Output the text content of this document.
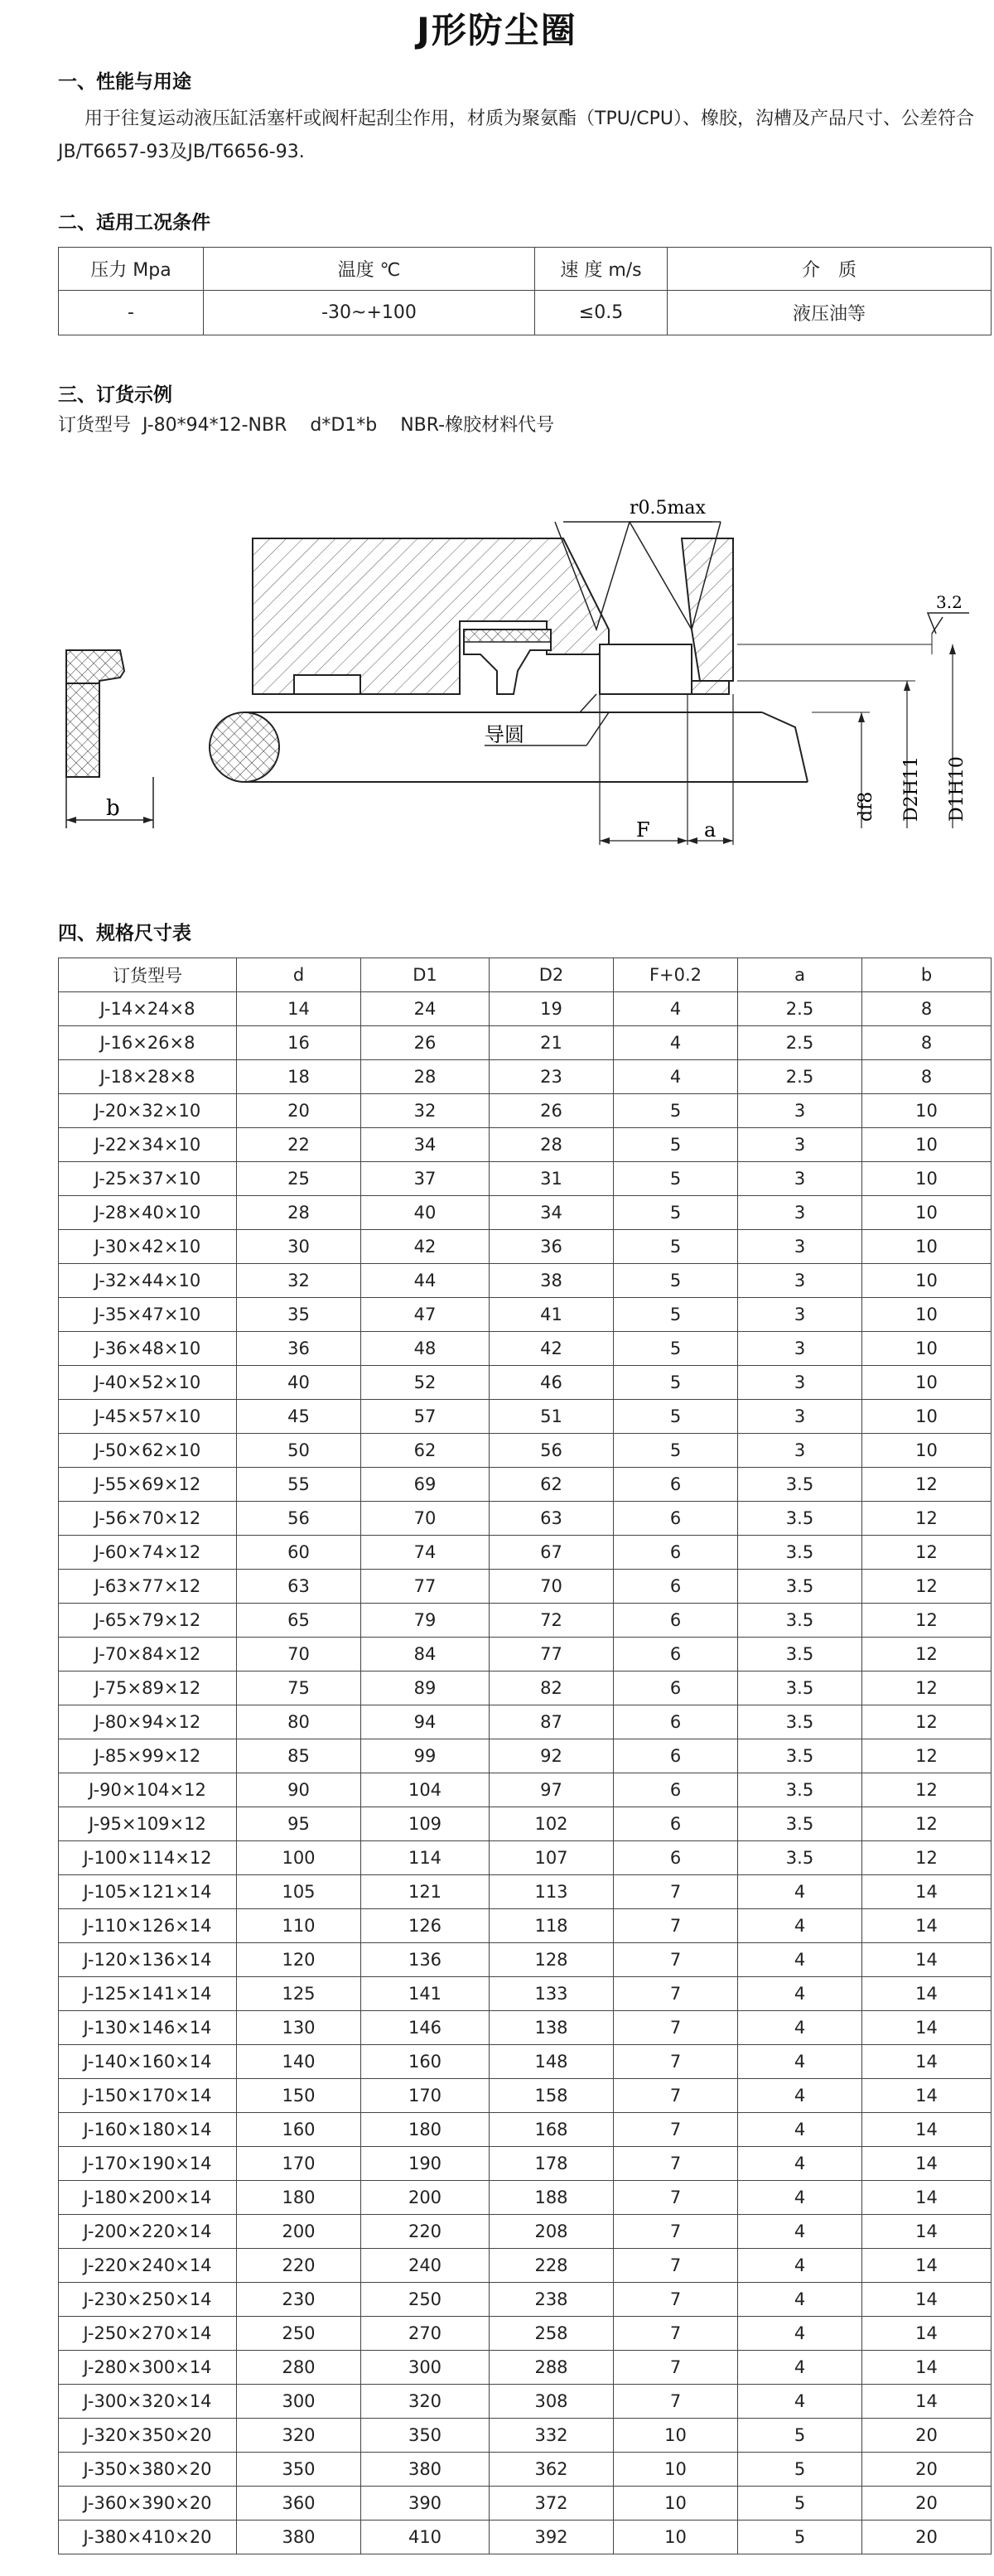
J形防尘圈
一、性能与用途
用于往复运动液压缸活塞杆或阀杆起刮尘作用，材质为聚氨酯（TPU/CPU）、橡胶，沟槽及产品尺寸、公差符合JB/T6657-93及JB/T6656-93.
二、适用工况条件
压力 Mpa	温度 ℃	速 度 m/s	介　质
-	-30~+100	≤0.5	液压油等
三、订货示例
订货型号  J-80*94*12-NBR    d*D1*b    NBR-橡胶材料代号
b
r0.5max
3.2
导圆
df8 D2H11 D1H10
F	a
四、规格尺寸表
订货型号	d	D1	D2	F+0.2	a	b
J-14×24×8	14	24	19	4	2.5	8
J-16×26×8	16	26	21	4	2.5	8
J-18×28×8	18	28	23	4	2.5	8
J-20×32×10	20	32	26	5	3	10
J-22×34×10	22	34	28	5	3	10
J-25×37×10	25	37	31	5	3	10
J-28×40×10	28	40	34	5	3	10
J-30×42×10	30	42	36	5	3	10
J-32×44×10	32	44	38	5	3	10
J-35×47×10	35	47	41	5	3	10
J-36×48×10	36	48	42	5	3	10
J-40×52×10	40	52	46	5	3	10
J-45×57×10	45	57	51	5	3	10
J-50×62×10	50	62	56	5	3	10
J-55×69×12	55	69	62	6	3.5	12
J-56×70×12	56	70	63	6	3.5	12
J-60×74×12	60	74	67	6	3.5	12
J-63×77×12	63	77	70	6	3.5	12
J-65×79×12	65	79	72	6	3.5	12
J-70×84×12	70	84	77	6	3.5	12
J-75×89×12	75	89	82	6	3.5	12
J-80×94×12	80	94	87	6	3.5	12
J-85×99×12	85	99	92	6	3.5	12
J-90×104×12	90	104	97	6	3.5	12
J-95×109×12	95	109	102	6	3.5	12
J-100×114×12	100	114	107	6	3.5	12
J-105×121×14	105	121	113	7	4	14
J-110×126×14	110	126	118	7	4	14
J-120×136×14	120	136	128	7	4	14
J-125×141×14	125	141	133	7	4	14
J-130×146×14	130	146	138	7	4	14
J-140×160×14	140	160	148	7	4	14
J-150×170×14	150	170	158	7	4	14
J-160×180×14	160	180	168	7	4	14
J-170×190×14	170	190	178	7	4	14
J-180×200×14	180	200	188	7	4	14
J-200×220×14	200	220	208	7	4	14
J-220×240×14	220	240	228	7	4	14
J-230×250×14	230	250	238	7	4	14
J-250×270×14	250	270	258	7	4	14
J-280×300×14	280	300	288	7	4	14
J-300×320×14	300	320	308	7	4	14
J-320×350×20	320	350	332	10	5	20
J-350×380×20	350	380	362	10	5	20
J-360×390×20	360	390	372	10	5	20
J-380×410×20	380	410	392	10	5	20
